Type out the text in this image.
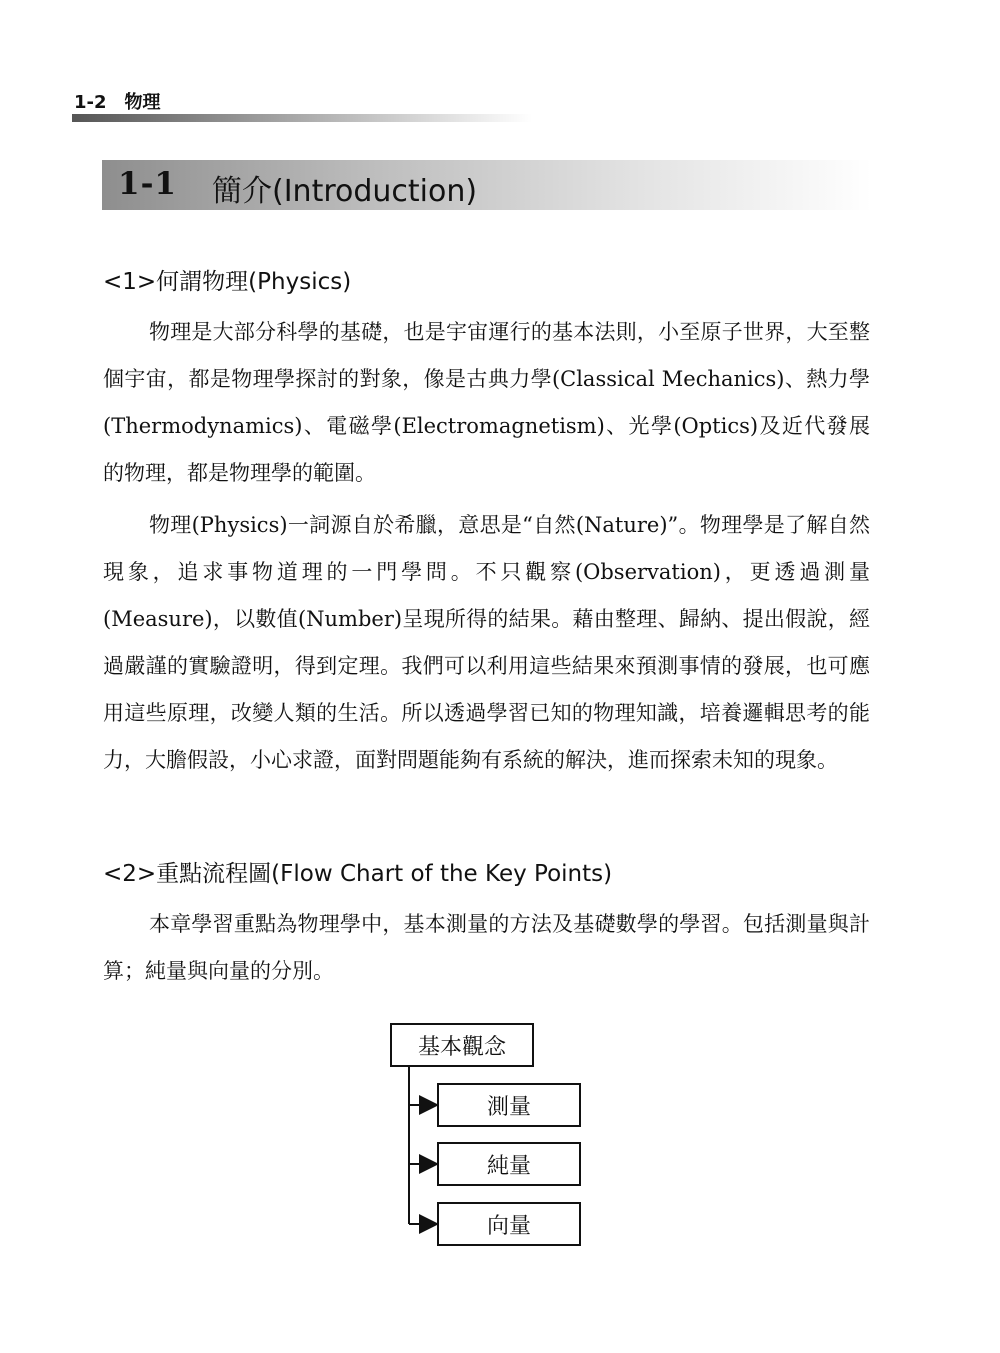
1-2　物理
1-1 簡介(Introduction)
<1>何謂物理(Physics)

物理是大部分科學的基礎，也是宇宙運行的基本法則，小至原子世界，大至整個宇宙，都是物理學探討的對象，像是古典力學(Classical Mechanics)、熱力學(Thermodynamics)、電磁學(Electromagnetism)、光學(Optics)及近代發展的物理，都是物理學的範圍。

物理(Physics)一詞源自於希臘，意思是“自然(Nature)”。物理學是了解自然現象，追求事物道理的一門學問。不只觀察(Observation)，更透過測量(Measure)，以數值(Number)呈現所得的結果。藉由整理、歸納、提出假說，經過嚴謹的實驗證明，得到定理。我們可以利用這些結果來預測事情的發展，也可應用這些原理，改變人類的生活。所以透過學習已知的物理知識，培養邏輯思考的能力，大膽假設，小心求證，面對問題能夠有系統的解決，進而探索未知的現象。

<2>重點流程圖(Flow Chart of the Key Points)

本章學習重點為物理學中，基本測量的方法及基礎數學的學習。包括測量與計算；純量與向量的分別。

基本觀念
測量
純量
向量
